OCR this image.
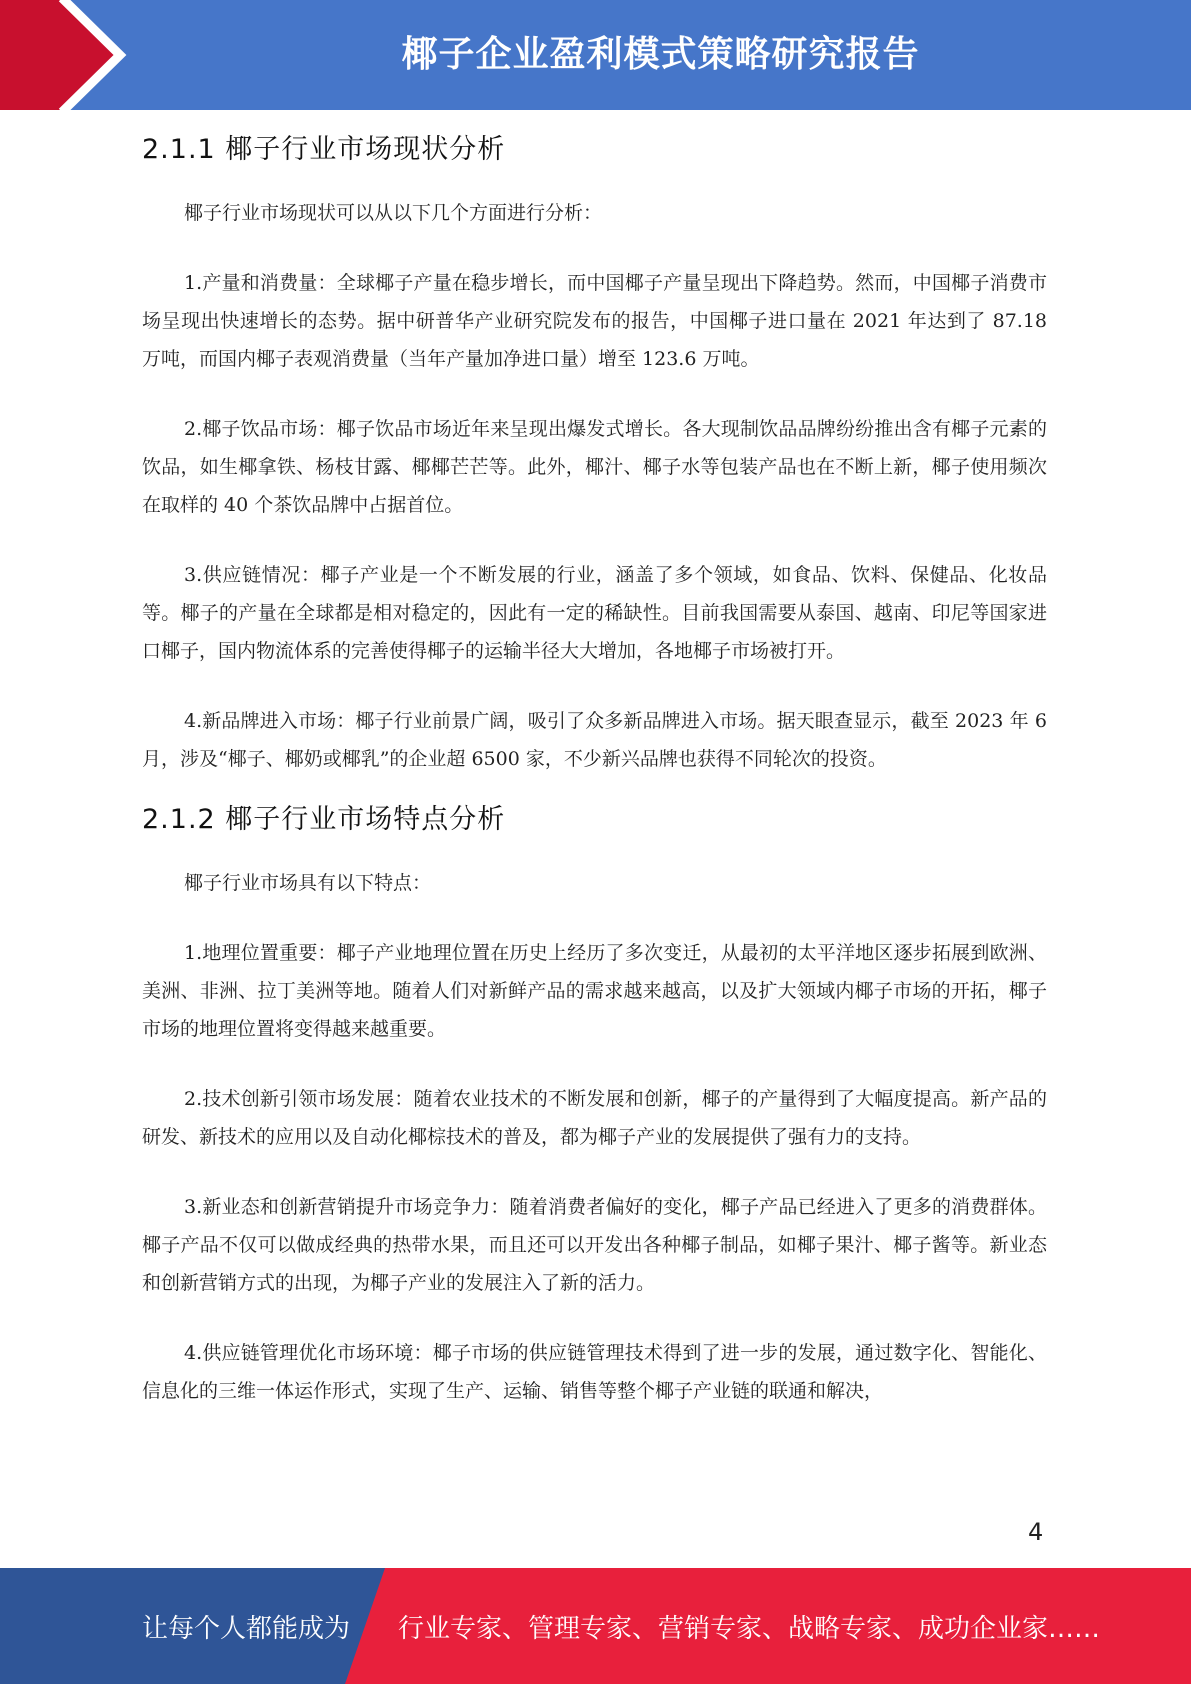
椰子企业盈利模式策略研究报告
2.1.1 椰子行业市场现状分析

椰子行业市场现状可以从以下几个方面进行分析：

1.产量和消费量：全球椰子产量在稳步增长，而中国椰子产量呈现出下降趋势。然而，中国椰子消费市场呈现出快速增长的态势。据中研普华产业研究院发布的报告，中国椰子进口量在 2021 年达到了 87.18 万吨，而国内椰子表观消费量（当年产量加净进口量）增至 123.6 万吨。

2.椰子饮品市场：椰子饮品市场近年来呈现出爆发式增长。各大现制饮品品牌纷纷推出含有椰子元素的饮品，如生椰拿铁、杨枝甘露、椰椰芒芒等。此外，椰汁、椰子水等包装产品也在不断上新，椰子使用频次在取样的 40 个茶饮品牌中占据首位。

3.供应链情况：椰子产业是一个不断发展的行业，涵盖了多个领域，如食品、饮料、保健品、化妆品等。椰子的产量在全球都是相对稳定的，因此有一定的稀缺性。目前我国需要从泰国、越南、印尼等国家进口椰子，国内物流体系的完善使得椰子的运输半径大大增加，各地椰子市场被打开。

4.新品牌进入市场：椰子行业前景广阔，吸引了众多新品牌进入市场。据天眼查显示，截至 2023 年 6 月，涉及“椰子、椰奶或椰乳”的企业超 6500 家，不少新兴品牌也获得不同轮次的投资。

2.1.2 椰子行业市场特点分析

椰子行业市场具有以下特点：

1.地理位置重要：椰子产业地理位置在历史上经历了多次变迁，从最初的太平洋地区逐步拓展到欧洲、美洲、非洲、拉丁美洲等地。随着人们对新鲜产品的需求越来越高，以及扩大领域内椰子市场的开拓，椰子市场的地理位置将变得越来越重要。

2.技术创新引领市场发展：随着农业技术的不断发展和创新，椰子的产量得到了大幅度提高。新产品的研发、新技术的应用以及自动化椰棕技术的普及，都为椰子产业的发展提供了强有力的支持。

3.新业态和创新营销提升市场竞争力：随着消费者偏好的变化，椰子产品已经进入了更多的消费群体。椰子产品不仅可以做成经典的热带水果，而且还可以开发出各种椰子制品，如椰子果汁、椰子酱等。新业态和创新营销方式的出现，为椰子产业的发展注入了新的活力。

4.供应链管理优化市场环境：椰子市场的供应链管理技术得到了进一步的发展，通过数字化、智能化、信息化的三维一体运作形式，实现了生产、运输、销售等整个椰子产业链的联通和解决，

4
让每个人都能成为 行业专家、管理专家、营销专家、战略专家、成功企业家……
